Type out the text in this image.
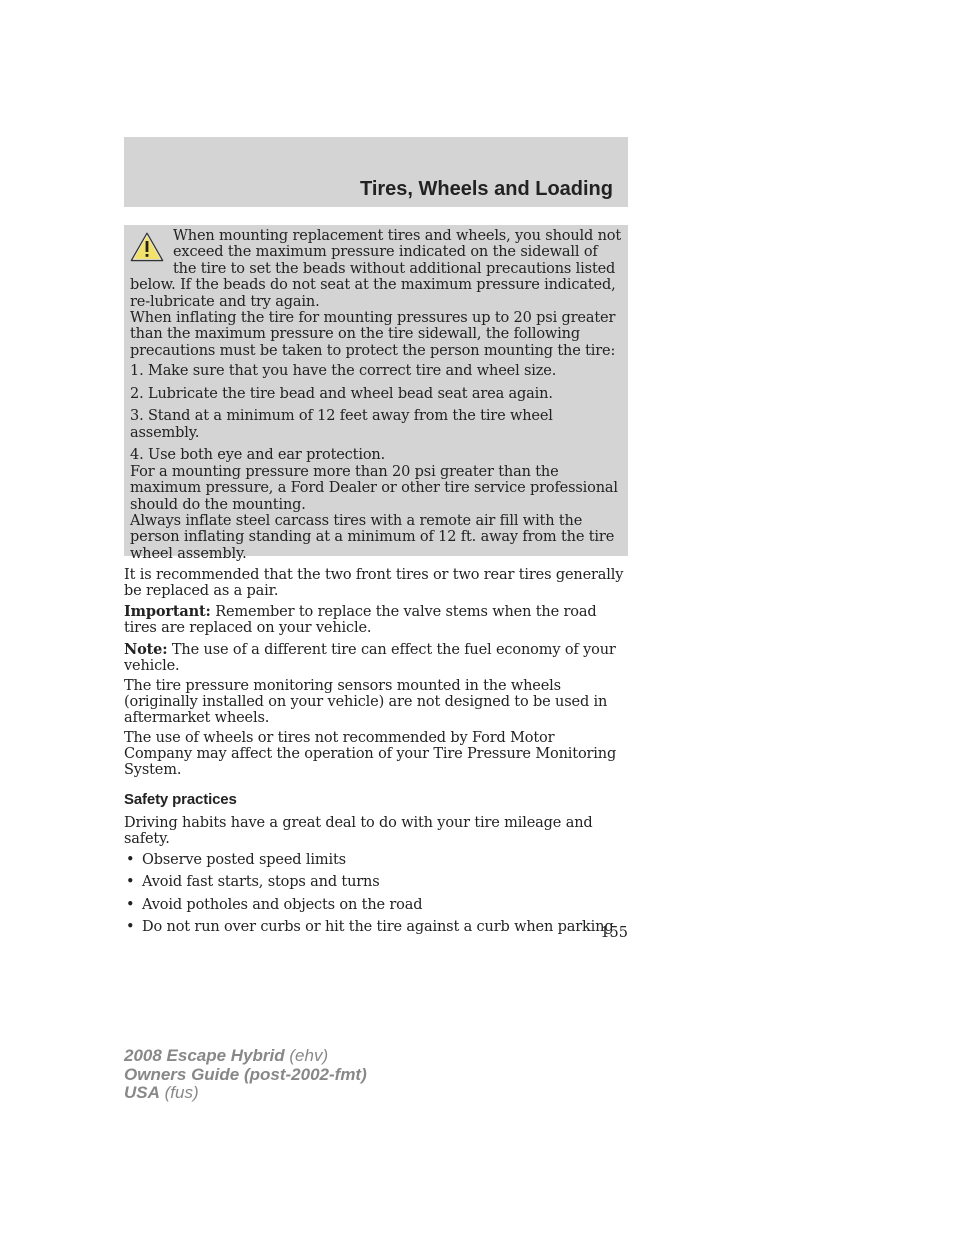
Tires, Wheels and Loading

When mounting replacement tires and wheels, you should not exceed the maximum pressure indicated on the sidewall of the tire to set the beads without additional precautions listed below. If the beads do not seat at the maximum pressure indicated, re-lubricate and try again.

When inflating the tire for mounting pressures up to 20 psi greater than the maximum pressure on the tire sidewall, the following precautions must be taken to protect the person mounting the tire:

1. Make sure that you have the correct tire and wheel size.
2. Lubricate the tire bead and wheel bead seat area again.
3. Stand at a minimum of 12 feet away from the tire wheel assembly.
4. Use both eye and ear protection.

For a mounting pressure more than 20 psi greater than the maximum pressure, a Ford Dealer or other tire service professional should do the mounting.

Always inflate steel carcass tires with a remote air fill with the person inflating standing at a minimum of 12 ft. away from the tire wheel assembly.

It is recommended that the two front tires or two rear tires generally be replaced as a pair.

Important: Remember to replace the valve stems when the road tires are replaced on your vehicle.

Note: The use of a different tire can effect the fuel economy of your vehicle.

The tire pressure monitoring sensors mounted in the wheels (originally installed on your vehicle) are not designed to be used in aftermarket wheels.

The use of wheels or tires not recommended by Ford Motor Company may affect the operation of your Tire Pressure Monitoring System.

Safety practices

Driving habits have a great deal to do with your tire mileage and safety.

• Observe posted speed limits
• Avoid fast starts, stops and turns
• Avoid potholes and objects on the road
• Do not run over curbs or hit the tire against a curb when parking
155
2008 Escape Hybrid (ehv)
Owners Guide (post-2002-fmt)
USA (fus)
